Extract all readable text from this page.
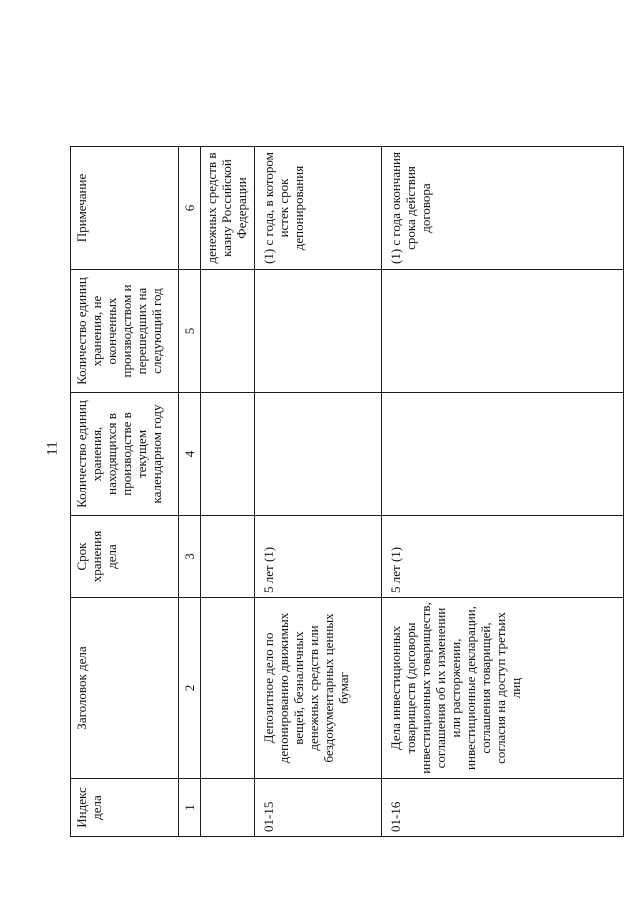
11
Индекс дела	Заголовок дела	Срок хранения дела	Количество единиц хранения, находящихся в производстве в текущем календарном году	Количество единиц хранения, не оконченных производством и перешедших на следующий год	Примечание
1	2	3	4	5	6
					денежных средств в казну Российской Федерации
01-15	Депозитное дело по депонированию движимых вещей, безналичных денежных средств или бездокументарных ценных бумаг	5 лет (1)			(1) с года, в котором истек срок депонирования
01-16	Дела инвестиционных товариществ (договоры инвестиционных товариществ, соглашения об их изменении или расторжении, инвестиционные декларации, соглашения товарищей, согласия на доступ третьих лиц	5 лет (1)			(1) с года окончания срока действия договора
